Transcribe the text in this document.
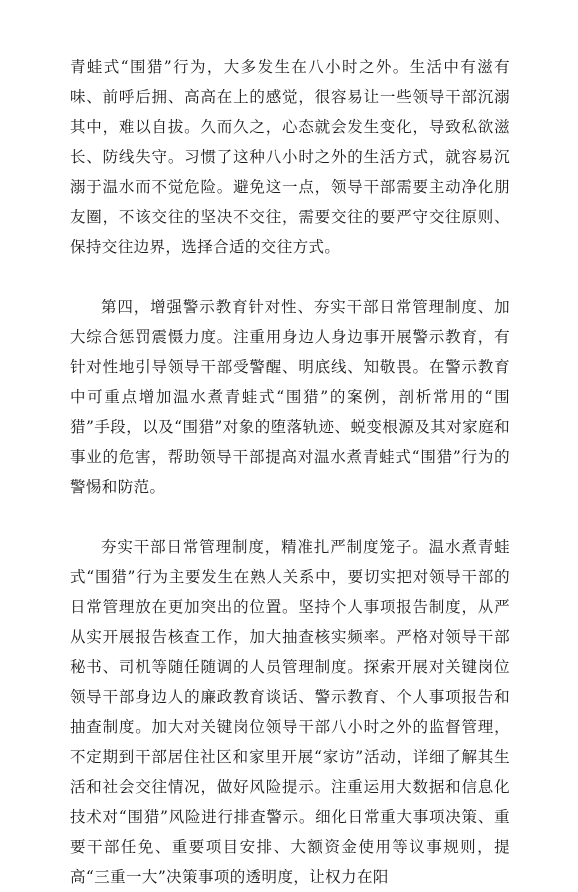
青蛙式“围猎”行为，大多发生在八小时之外。生活中有滋有味、前呼后拥、高高在上的感觉，很容易让一些领导干部沉溺其中，难以自拔。久而久之，心态就会发生变化，导致私欲滋长、防线失守。习惯了这种八小时之外的生活方式，就容易沉溺于温水而不觉危险。避免这一点，领导干部需要主动净化朋友圈，不该交往的坚决不交往，需要交往的要严守交往原则、保持交往边界，选择合适的交往方式。

第四，增强警示教育针对性、夯实干部日常管理制度、加大综合惩罚震慑力度。注重用身边人身边事开展警示教育，有针对性地引导领导干部受警醒、明底线、知敬畏。在警示教育中可重点增加温水煮青蛙式“围猎”的案例，剖析常用的“围猎”手段，以及“围猎”对象的堕落轨迹、蜕变根源及其对家庭和事业的危害，帮助领导干部提高对温水煮青蛙式“围猎”行为的警惕和防范。

夯实干部日常管理制度，精准扎严制度笼子。温水煮青蛙式“围猎”行为主要发生在熟人关系中，要切实把对领导干部的日常管理放在更加突出的位置。坚持个人事项报告制度，从严从实开展报告核查工作，加大抽查核实频率。严格对领导干部秘书、司机等随任随调的人员管理制度。探索开展对关键岗位领导干部身边人的廉政教育谈话、警示教育、个人事项报告和抽查制度。加大对关键岗位领导干部八小时之外的监督管理，不定期到干部居住社区和家里开展“家访”活动，详细了解其生活和社会交往情况，做好风险提示。注重运用大数据和信息化技术对“围猎”风险进行排查警示。细化日常重大事项决策、重要干部任免、重要项目安排、大额资金使用等议事规则，提高“三重一大”决策事项的透明度，让权力在阳
